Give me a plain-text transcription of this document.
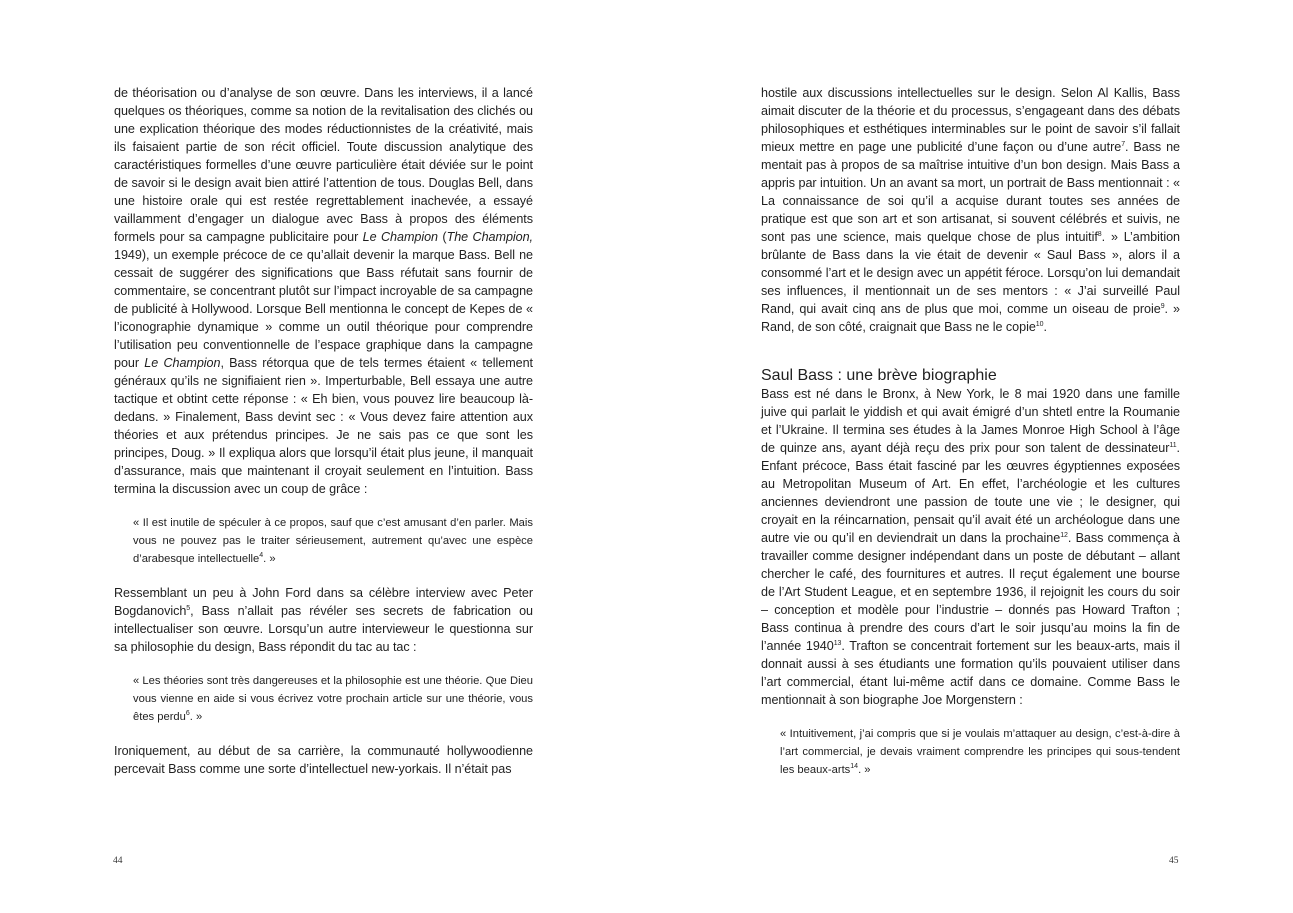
de théorisation ou d’analyse de son œuvre. Dans les interviews, il a lancé quelques os théoriques, comme sa notion de la revitalisation des clichés ou une explication théorique des modes réductionnistes de la créativité, mais ils faisaient partie de son récit officiel. Toute discussion analytique des caractéristiques formelles d’une œuvre particulière était déviée sur le point de savoir si le design avait bien attiré l’attention de tous. Douglas Bell, dans une histoire orale qui est restée regrettablement inachevée, a essayé vaillamment d’engager un dialogue avec Bass à propos des éléments formels pour sa campagne publicitaire pour Le Champion (The Champion, 1949), un exemple précoce de ce qu’allait devenir la marque Bass. Bell ne cessait de suggérer des significations que Bass réfutait sans fournir de commentaire, se concentrant plutôt sur l’impact incroyable de sa campagne de publicité à Hollywood. Lorsque Bell mentionna le concept de Kepes de « l’iconographie dynamique » comme un outil théorique pour comprendre l’utilisation peu conventionnelle de l’espace graphique dans la campagne pour Le Champion, Bass rétorqua que de tels termes étaient « tellement généraux qu’ils ne signifiaient rien ». Imperturbable, Bell essaya une autre tactique et obtint cette réponse : « Eh bien, vous pouvez lire beaucoup là-dedans. » Finalement, Bass devint sec : « Vous devez faire attention aux théories et aux prétendus principes. Je ne sais pas ce que sont les principes, Doug. » Il expliqua alors que lorsqu’il était plus jeune, il manquait d’assurance, mais que maintenant il croyait seulement en l’intuition. Bass termina la discussion avec un coup de grâce :

« Il est inutile de spéculer à ce propos, sauf que c’est amusant d’en parler. Mais vous ne pouvez pas le traiter sérieusement, autrement qu’avec une espèce d’arabesque intellectuelle$^4$. »

Ressemblant un peu à John Ford dans sa célèbre interview avec Peter Bogdanovich$^5$, Bass n’allait pas révéler ses secrets de fabrication ou intellectualiser son œuvre. Lorsqu’un autre intervieweur le questionna sur sa philosophie du design, Bass répondit du tac au tac :

« Les théories sont très dangereuses et la philosophie est une théorie. Que Dieu vous vienne en aide si vous écrivez votre prochain article sur une théorie, vous êtes perdu$^6$. »

Ironiquement, au début de sa carrière, la communauté hollywoodienne percevait Bass comme une sorte d’intellectuel new-yorkais. Il n’était pas

44

hostile aux discussions intellectuelles sur le design. Selon Al Kallis, Bass aimait discuter de la théorie et du processus, s’engageant dans des débats philosophiques et esthétiques interminables sur le point de savoir s’il fallait mieux mettre en page une publicité d’une façon ou d’une autre$^7$. Bass ne mentait pas à propos de sa maîtrise intuitive d’un bon design. Mais Bass a appris par intuition. Un an avant sa mort, un portrait de Bass mentionnait : « La connaissance de soi qu’il a acquise durant toutes ses années de pratique est que son art et son artisanat, si souvent célébrés et suivis, ne sont pas une science, mais quelque chose de plus intuitif$^8$. » L’ambition brûlante de Bass dans la vie était de devenir « Saul Bass », alors il a consommé l’art et le design avec un appétit féroce. Lorsqu’on lui demandait ses influences, il mentionnait un de ses mentors : « J’ai surveillé Paul Rand, qui avait cinq ans de plus que moi, comme un oiseau de proie$^9$. » Rand, de son côté, craignait que Bass ne le copie$^{10}$.

Saul Bass : une brève biographie

Bass est né dans le Bronx, à New York, le 8 mai 1920 dans une famille juive qui parlait le yiddish et qui avait émigré d’un shtetl entre la Roumanie et l’Ukraine. Il termina ses études à la James Monroe High School à l’âge de quinze ans, ayant déjà reçu des prix pour son talent de dessinateur$^{11}$. Enfant précoce, Bass était fasciné par les œuvres égyptiennes exposées au Metropolitan Museum of Art. En effet, l’archéologie et les cultures anciennes deviendront une passion de toute une vie ; le designer, qui croyait en la réincarnation, pensait qu’il avait été un archéologue dans une autre vie ou qu’il en deviendrait un dans la prochaine$^{12}$. Bass commença à travailler comme designer indépendant dans un poste de débutant – allant chercher le café, des fournitures et autres. Il reçut également une bourse de l’Art Student League, et en septembre 1936, il rejoignit les cours du soir – conception et modèle pour l’industrie – donnés pas Howard Trafton ; Bass continua à prendre des cours d’art le soir jusqu’au moins la fin de l’année 1940$^{13}$. Trafton se concentrait fortement sur les beaux-arts, mais il donnait aussi à ses étudiants une formation qu’ils pouvaient utiliser dans l’art commercial, étant lui-même actif dans ce domaine. Comme Bass le mentionnait à son biographe Joe Morgenstern :

« Intuitivement, j’ai compris que si je voulais m’attaquer au design, c’est-à-dire à l’art commercial, je devais vraiment comprendre les principes qui sous-tendent les beaux-arts$^{14}$. »
45
